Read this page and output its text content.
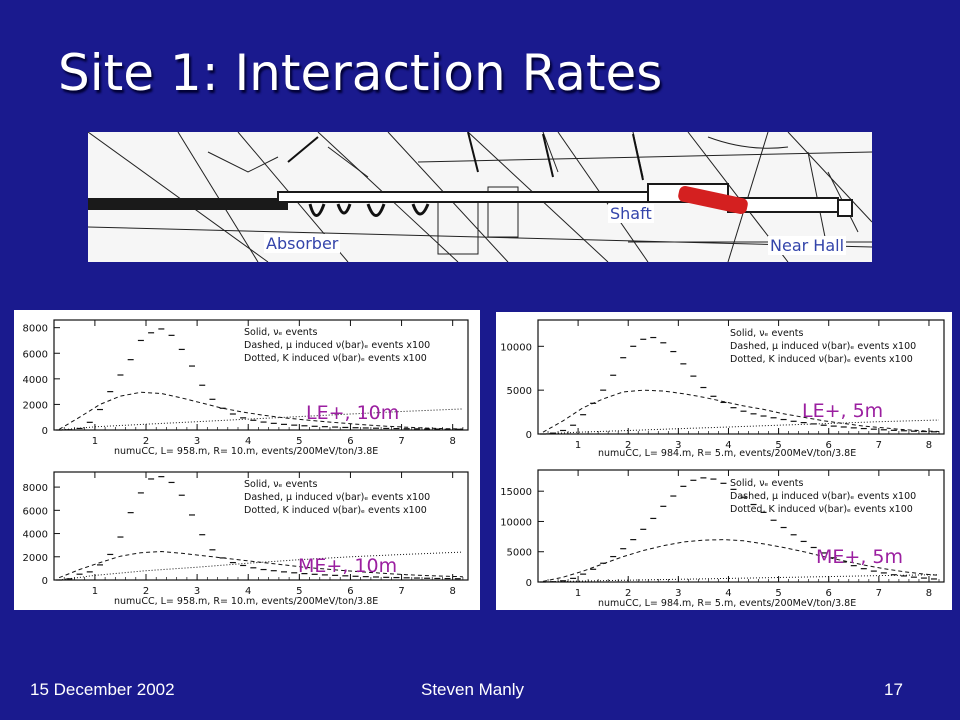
Site 1: Interaction Rates
Absorber
Shaft
Near Hall
1	2	3	4	5	6	7	8
0
2000
4000
6000
8000	Solid, νₑ events
Dashed, μ induced ν(bar)ₑ events x100
Dotted, K induced ν(bar)ₑ events x100
numuCC, L= 958.m, R= 10.m, events/200MeV/ton/3.8E
1	2	3	4	5	6	7	8
0
2000
4000
6000
8000	Solid, νₑ events
Dashed, μ induced ν(bar)ₑ events x100
Dotted, K induced ν(bar)ₑ events x100
numuCC, L= 958.m, R= 10.m, events/200MeV/ton/3.8E
1	2	3	4	5	6	7	8
0
5000
10000
Solid, νₑ events
Dashed, μ induced ν(bar)ₑ events x100
Dotted, K induced ν(bar)ₑ events x100
numuCC, L= 984.m, R= 5.m, events/200MeV/ton/3.8E
1	2	3	4	5	6	7	8
0
5000
10000
15000
Solid, νₑ events
Dashed, μ induced ν(bar)ₑ events x100
Dotted, K induced ν(bar)ₑ events x100
numuCC, L= 984.m, R= 5.m, events/200MeV/ton/3.8E
LE+, 10m
ME+, 10m
LE+, 5m
ME+, 5m
15 December 2002	Steven Manly	17
